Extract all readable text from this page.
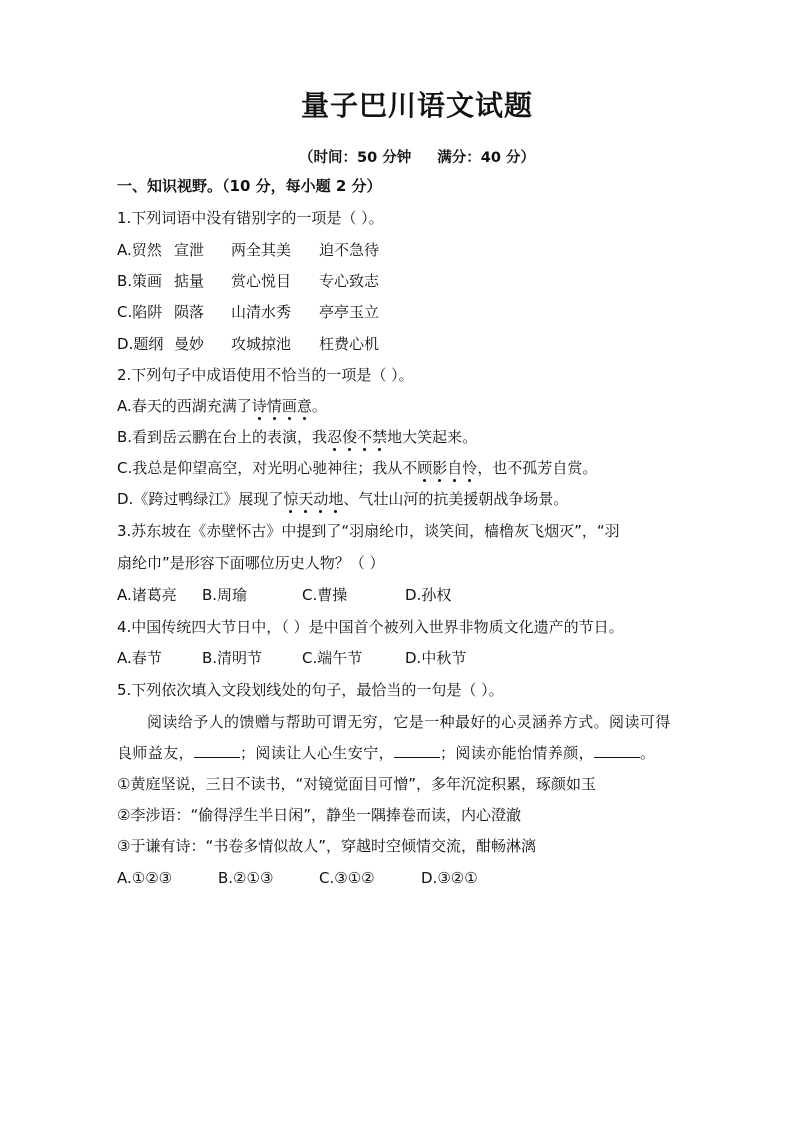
量子巴川语文试题
（时间：50 分钟 满分：40 分）
一、知识视野。（10 分，每小题 2 分）
1.下列词语中没有错别字的一项是（ ）。
A.贸然 宣泄 两全其美 迫不急待
B.策画 掂量 赏心悦目 专心致志
C.陷阱 陨落 山清水秀 亭亭玉立
D.题纲 曼妙 攻城掠池 枉费心机
2.下列句子中成语使用不恰当的一项是（ ）。
A.春天的西湖充满了诗情画意。
B.看到岳云鹏在台上的表演，我忍俊不禁地大笑起来。
C.我总是仰望高空，对光明心驰神往；我从不顾影自怜，也不孤芳自赏。
D.《跨过鸭绿江》展现了惊天动地、气壮山河的抗美援朝战争场景。
3.苏东坡在《赤壁怀古》中提到了“羽扇纶巾，谈笑间，樯橹灰飞烟灭”，“羽
扇纶巾”是形容下面哪位历史人物？（ ）
A.诸葛亮 B.周瑜	C.曹操	D.孙权
4.中国传统四大节日中，（ ）是中国首个被列入世界非物质文化遗产的节日。
A.春节	B.清明节	C.端午节	D.中秋节
5.下列依次填入文段划线处的句子，最恰当的一句是（ ）。
阅读给予人的馈赠与帮助可谓无穷，它是一种最好的心灵涵养方式。阅读可得良师益友，	；阅读让人心生安宁，	；阅读亦能怡情养颜，	。
①黄庭坚说，三日不读书，“对镜觉面目可憎”，多年沉淀积累，琢颜如玉
②李涉语：“偷得浮生半日闲”，静坐一隅捧卷而读，内心澄澈
③于谦有诗：“书卷多情似故人”，穿越时空倾情交流，酣畅淋漓
A.①②③	B.②①③	C.③①②	D.③②①
